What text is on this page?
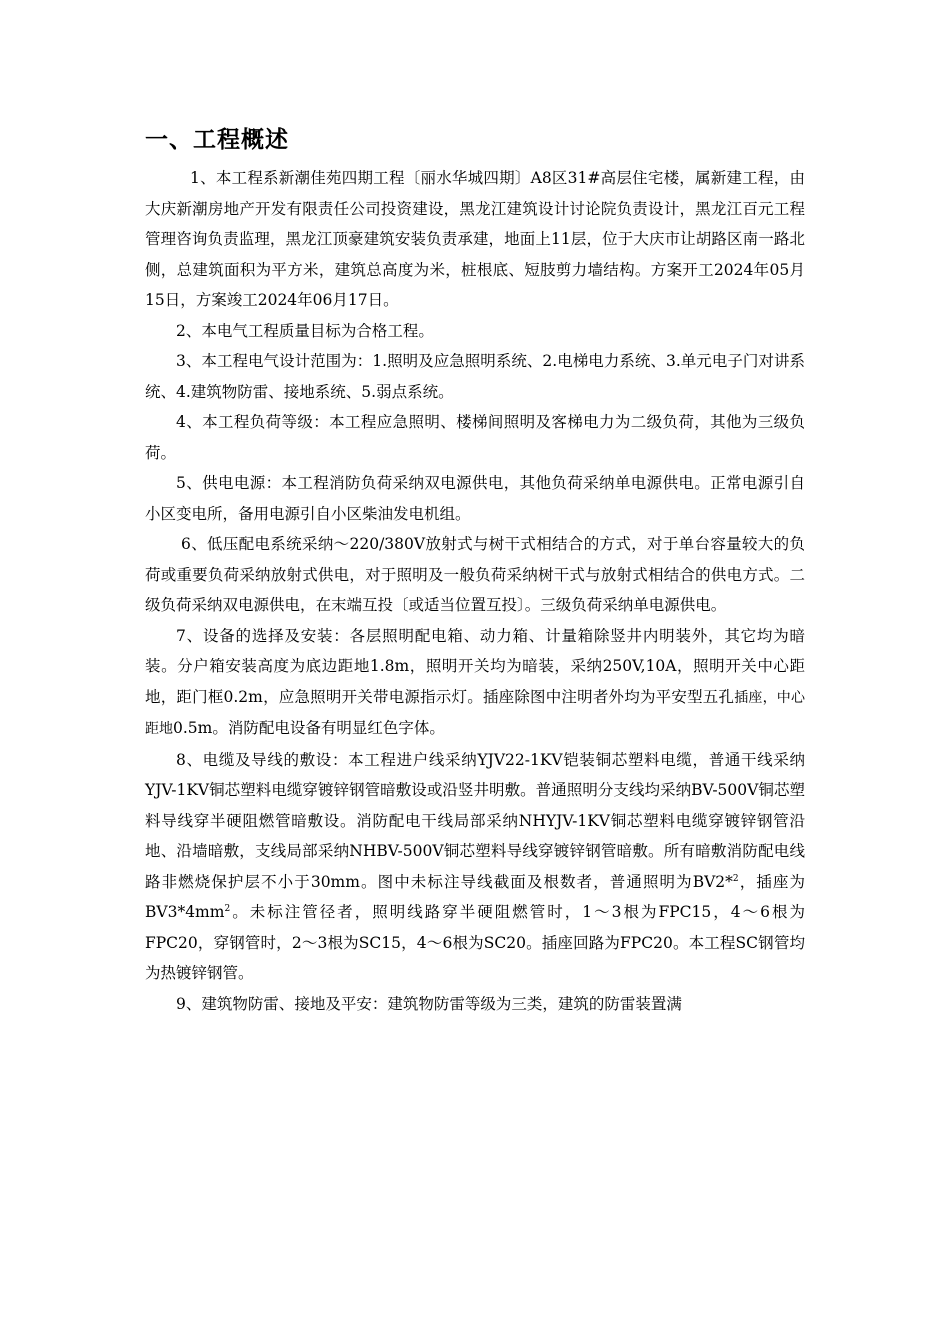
一、工程概述

1、本工程系新潮佳苑四期工程〔丽水华城四期〕A8区31#高层住宅楼，属新建工程，由大庆新潮房地产开发有限责任公司投资建设，黑龙江建筑设计讨论院负责设计，黑龙江百元工程管理咨询负责监理，黑龙江顶豪建筑安装负责承建，地面上11层，位于大庆市让胡路区南一路北侧，总建筑面积为平方米，建筑总高度为米，桩根底、短肢剪力墙结构。方案开工2024年05月15日，方案竣工2024年06月17日。

2、本电气工程质量目标为合格工程。

3、本工程电气设计范围为：1.照明及应急照明系统、2.电梯电力系统、3.单元电子门对讲系统、4.建筑物防雷、接地系统、5.弱点系统。

4、本工程负荷等级：本工程应急照明、楼梯间照明及客梯电力为二级负荷，其他为三级负荷。

5、供电电源：本工程消防负荷采纳双电源供电，其他负荷采纳单电源供电。正常电源引自小区变电所，备用电源引自小区柴油发电机组。

6、低压配电系统采纳～220/380V放射式与树干式相结合的方式，对于单台容量较大的负荷或重要负荷采纳放射式供电，对于照明及一般负荷采纳树干式与放射式相结合的供电方式。二级负荷采纳双电源供电，在末端互投〔或适当位置互投〕。三级负荷采纳单电源供电。

7、设备的选择及安装：各层照明配电箱、动力箱、计量箱除竖井内明装外，其它均为暗装。分户箱安装高度为底边距地1.8m，照明开关均为暗装，采纳250V,10A，照明开关中心距地，距门框0.2m，应急照明开关带电源指示灯。插座除图中注明者外均为平安型五孔插座，中心距地0.5m。消防配电设备有明显红色字体。

8、电缆及导线的敷设：本工程进户线采纳YJV22-1KV铠装铜芯塑料电缆，普通干线采纳YJV-1KV铜芯塑料电缆穿镀锌钢管暗敷设或沿竖井明敷。普通照明分支线均采纳BV-500V铜芯塑料导线穿半硬阻燃管暗敷设。消防配电干线局部采纳NHYJV-1KV铜芯塑料电缆穿镀锌钢管沿地、沿墙暗敷，支线局部采纳NHBV-500V铜芯塑料导线穿镀锌钢管暗敷。所有暗敷消防配电线路非燃烧保护层不小于30mm。图中未标注导线截面及根数者，普通照明为BV2*$^2$，插座为$BV3*4mm^2$。未标注管径者，照明线路穿半硬阻燃管时，1～3根为FPC15，4～6根为FPC20，穿钢管时，2～3根为SC15，4～6根为SC20。插座回路为FPC20。本工程SC钢管均为热镀锌钢管。

9、建筑物防雷、接地及平安：建筑物防雷等级为三类，建筑的防雷装置满
